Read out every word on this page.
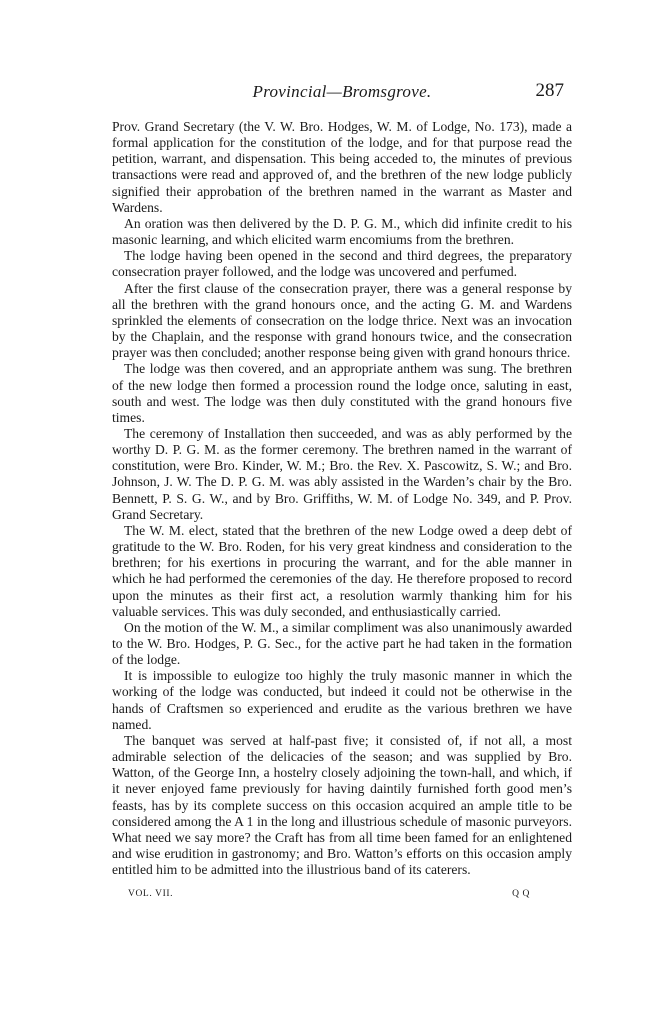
Provincial—Bromsgrove.	287

Prov. Grand Secretary (the V. W. Bro. Hodges, W. M. of Lodge, No. 173), made a formal application for the constitution of the lodge, and for that purpose read the petition, warrant, and dispensation. This being acceded to, the minutes of previous transactions were read and approved of, and the brethren of the new lodge publicly signified their approbation of the brethren named in the warrant as Master and Wardens.

An oration was then delivered by the D. P. G. M., which did infinite credit to his masonic learning, and which elicited warm encomiums from the brethren.

The lodge having been opened in the second and third degrees, the preparatory consecration prayer followed, and the lodge was uncovered and perfumed.

After the first clause of the consecration prayer, there was a general response by all the brethren with the grand honours once, and the acting G. M. and Wardens sprinkled the elements of consecration on the lodge thrice. Next was an invocation by the Chaplain, and the response with grand honours twice, and the consecration prayer was then concluded; another response being given with grand honours thrice.

The lodge was then covered, and an appropriate anthem was sung. The brethren of the new lodge then formed a procession round the lodge once, saluting in east, south and west. The lodge was then duly constituted with the grand honours five times.

The ceremony of Installation then succeeded, and was as ably performed by the worthy D. P. G. M. as the former ceremony. The brethren named in the warrant of constitution, were Bro. Kinder, W. M.; Bro. the Rev. X. Pascowitz, S. W.; and Bro. Johnson, J. W. The D. P. G. M. was ably assisted in the Warden’s chair by the Bro. Bennett, P. S. G. W., and by Bro. Griffiths, W. M. of Lodge No. 349, and P. Prov. Grand Secretary.

The W. M. elect, stated that the brethren of the new Lodge owed a deep debt of gratitude to the W. Bro. Roden, for his very great kindness and consideration to the brethren; for his exertions in procuring the warrant, and for the able manner in which he had performed the ceremonies of the day. He therefore proposed to record upon the minutes as their first act, a resolution warmly thanking him for his valuable services. This was duly seconded, and enthusiastically carried.

On the motion of the W. M., a similar compliment was also unanimously awarded to the W. Bro. Hodges, P. G. Sec., for the active part he had taken in the formation of the lodge.

It is impossible to eulogize too highly the truly masonic manner in which the working of the lodge was conducted, but indeed it could not be otherwise in the hands of Craftsmen so experienced and erudite as the various brethren we have named.

The banquet was served at half-past five; it consisted of, if not all, a most admirable selection of the delicacies of the season; and was supplied by Bro. Watton, of the George Inn, a hostelry closely adjoining the town-hall, and which, if it never enjoyed fame previously for having daintily furnished forth good men’s feasts, has by its complete success on this occasion acquired an ample title to be considered among the A 1 in the long and illustrious schedule of masonic purveyors. What need we say more? the Craft has from all time been famed for an enlightened and wise erudition in gastronomy; and Bro. Watton’s efforts on this occasion amply entitled him to be admitted into the illustrious band of its caterers.

VOL. VII.	Q Q
